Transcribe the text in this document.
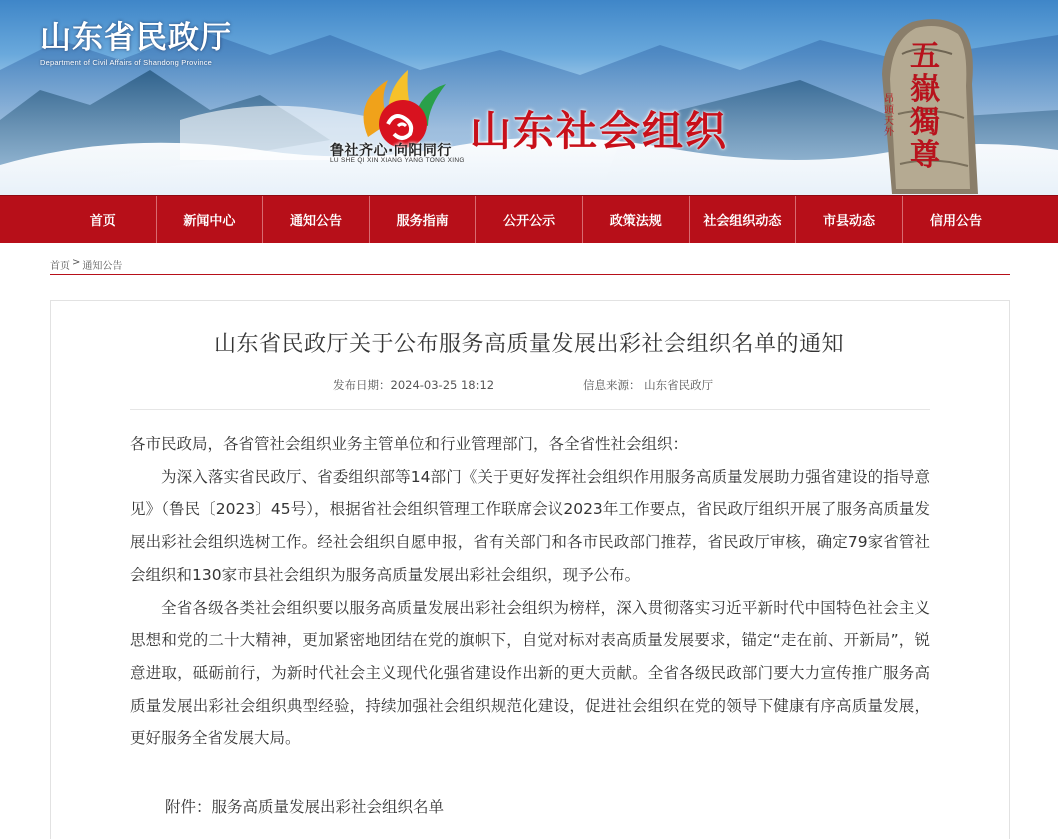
山东省民政厅
Department of Civil Affairs of Shandong Province
鲁社齐心·向阳同行
LU SHE QI XIN XIANG YANG TONG XING
山东社会组织
五嶽獨尊
昂頭天外
首页	新闻中心	通知公告	服务指南	公开公示	政策法规	社会组织动态	市县动态	信用公告
首页 > 通知公告
山东省民政厅关于公布服务高质量发展出彩社会组织名单的通知
发布日期：2024-03-25 18:12	信息来源： 山东省民政厅

各市民政局，各省管社会组织业务主管单位和行业管理部门，各全省性社会组织：

为深入落实省民政厅、省委组织部等14部门《关于更好发挥社会组织作用服务高质量发展助力强省建设的指导意见》（鲁民〔2023〕45号），根据省社会组织管理工作联席会议2023年工作要点，省民政厅组织开展了服务高质量发展出彩社会组织选树工作。经社会组织自愿申报，省有关部门和各市民政部门推荐，省民政厅审核，确定79家省管社会组织和130家市县社会组织为服务高质量发展出彩社会组织，现予公布。

全省各级各类社会组织要以服务高质量发展出彩社会组织为榜样，深入贯彻落实习近平新时代中国特色社会主义思想和党的二十大精神，更加紧密地团结在党的旗帜下，自觉对标对表高质量发展要求，锚定“走在前、开新局”，锐意进取，砥砺前行，为新时代社会主义现代化强省建设作出新的更大贡献。全省各级民政部门要大力宣传推广服务高质量发展出彩社会组织典型经验，持续加强社会组织规范化建设，促进社会组织在党的领导下健康有序高质量发展，更好服务全省发展大局。

附件：服务高质量发展出彩社会组织名单
